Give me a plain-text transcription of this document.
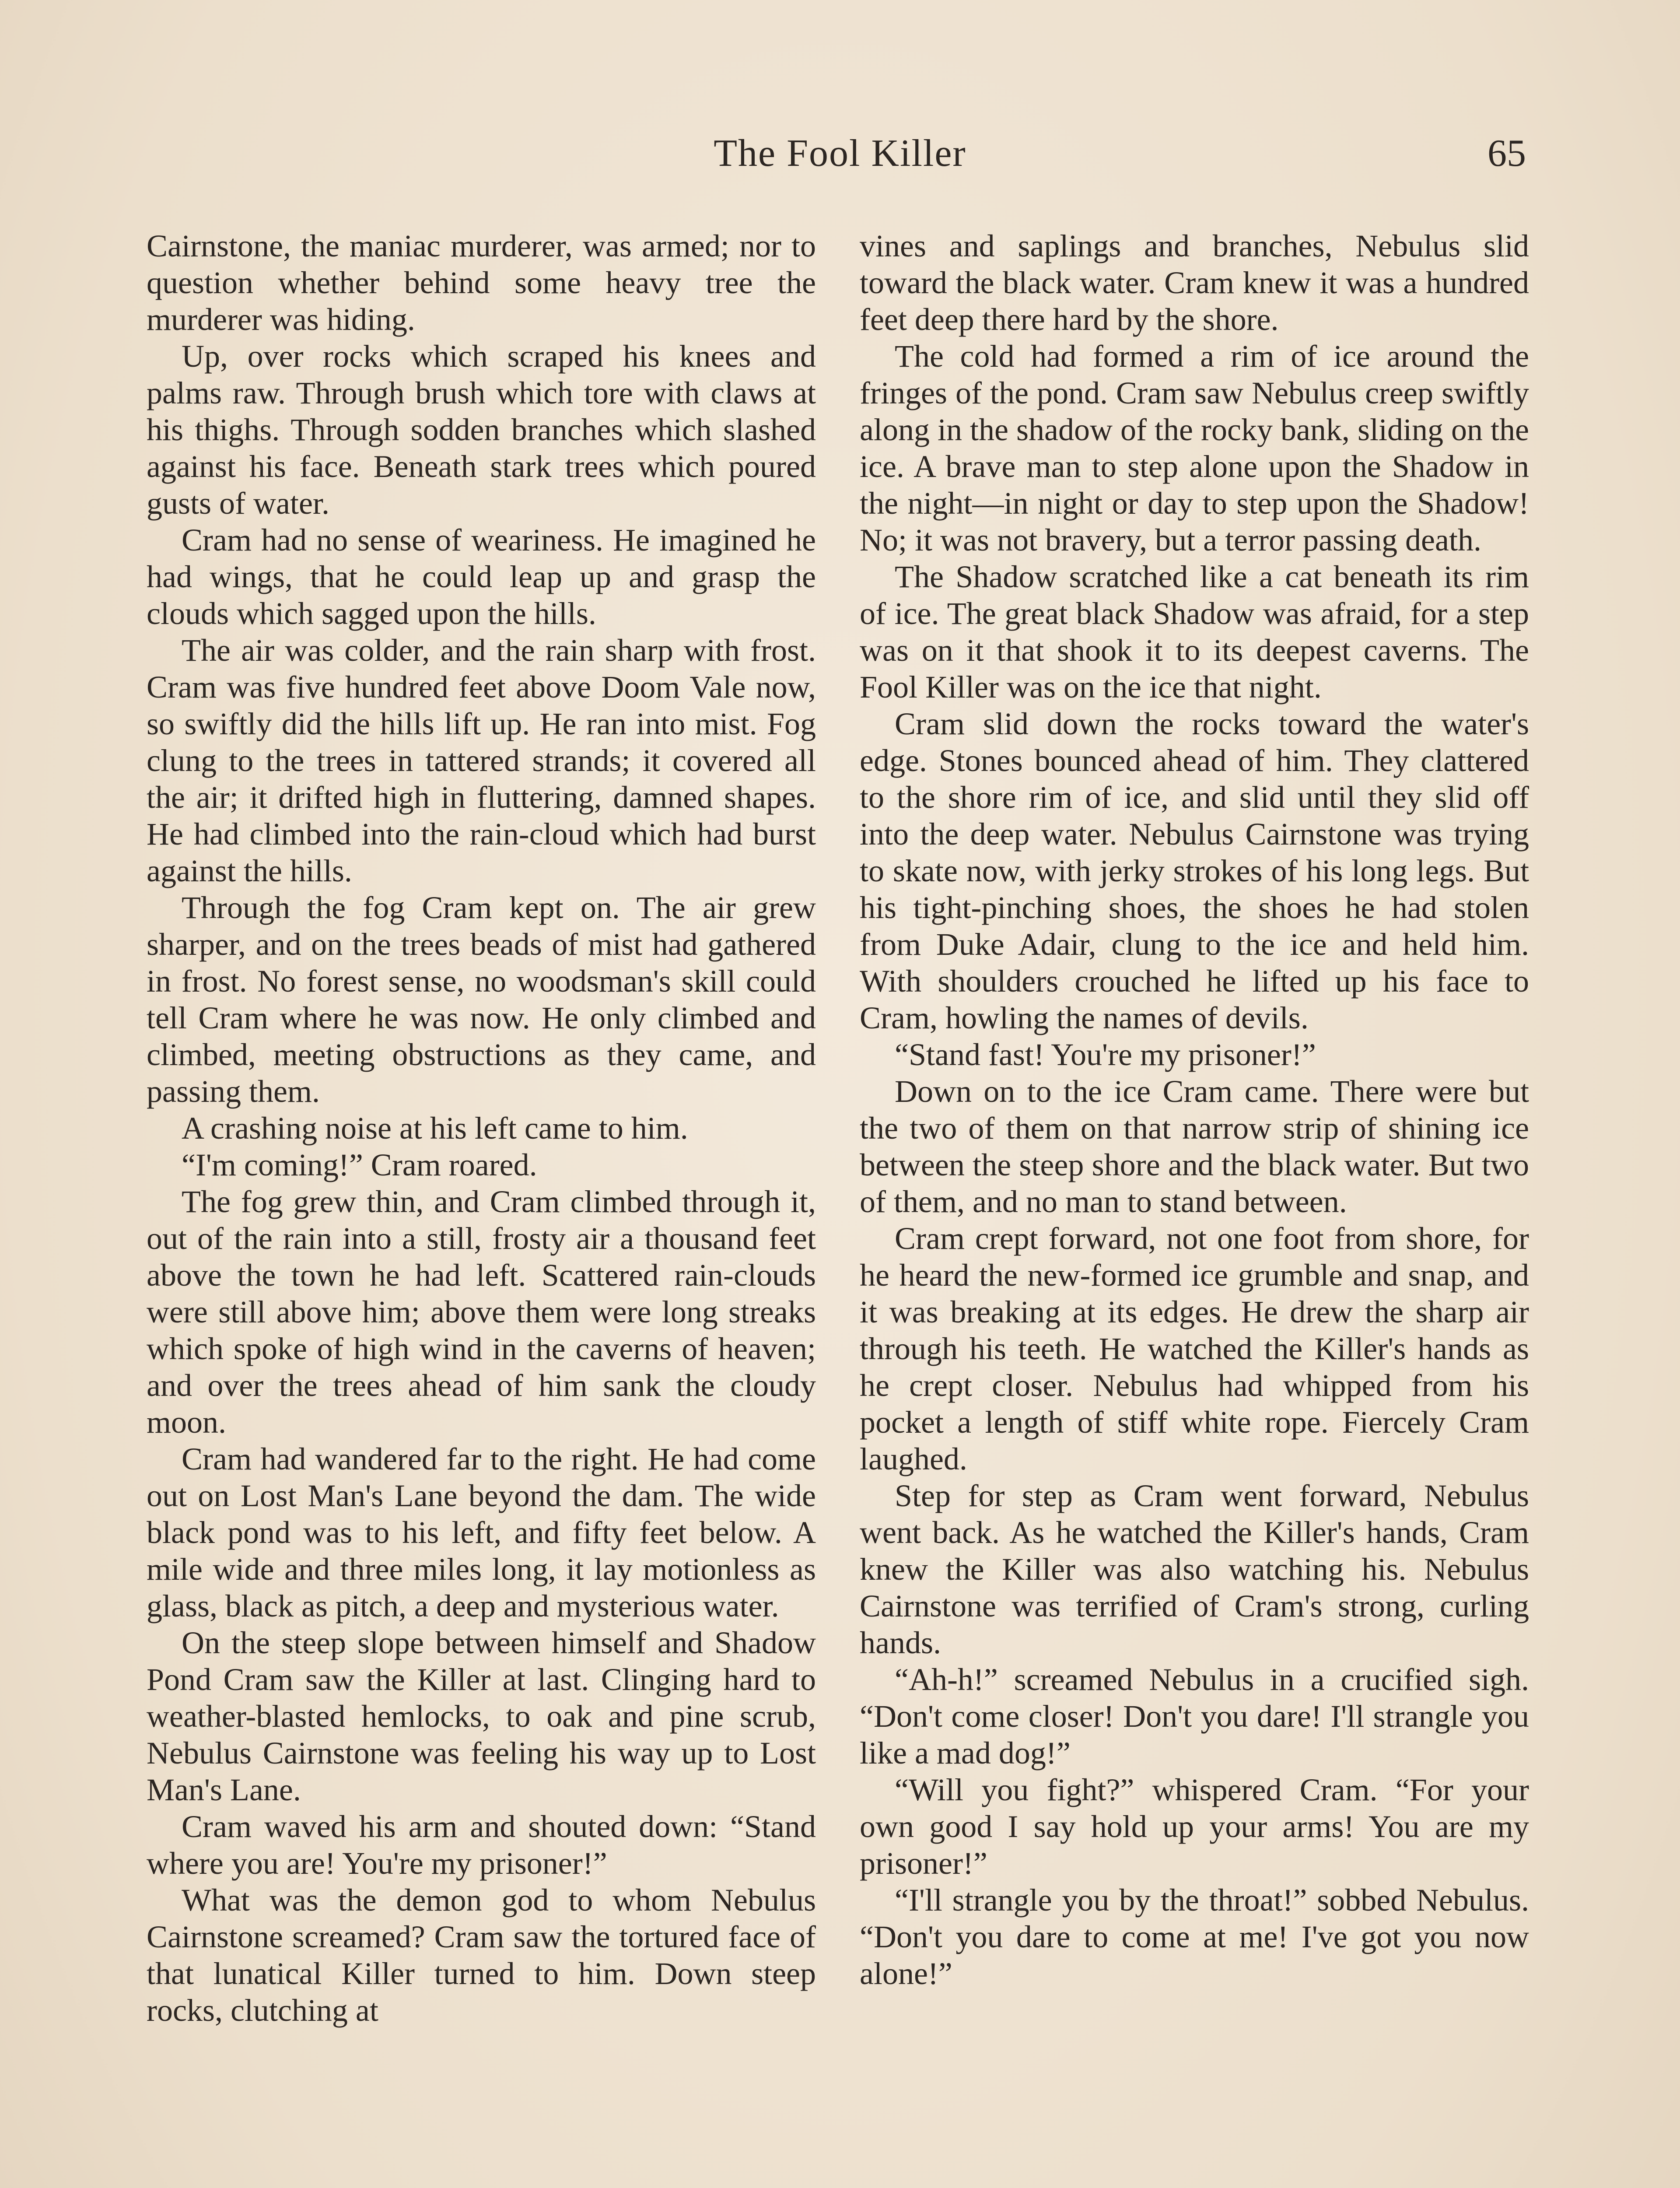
The Fool Killer	65

Cairnstone, the maniac murderer, was armed; nor to question whether behind some heavy tree the murderer was hiding.

Up, over rocks which scraped his knees and palms raw. Through brush which tore with claws at his thighs. Through sodden branches which slashed against his face. Beneath stark trees which poured gusts of water.

Cram had no sense of weariness. He imagined he had wings, that he could leap up and grasp the clouds which sagged upon the hills.

The air was colder, and the rain sharp with frost. Cram was five hundred feet above Doom Vale now, so swiftly did the hills lift up. He ran into mist. Fog clung to the trees in tattered strands; it covered all the air; it drifted high in fluttering, damned shapes. He had climbed into the rain-cloud which had burst against the hills.

Through the fog Cram kept on. The air grew sharper, and on the trees beads of mist had gathered in frost. No forest sense, no woodsman's skill could tell Cram where he was now. He only climbed and climbed, meeting obstructions as they came, and passing them.

A crashing noise at his left came to him.

“I'm coming!” Cram roared.

The fog grew thin, and Cram climbed through it, out of the rain into a still, frosty air a thousand feet above the town he had left. Scattered rain-clouds were still above him; above them were long streaks which spoke of high wind in the caverns of heaven; and over the trees ahead of him sank the cloudy moon.

Cram had wandered far to the right. He had come out on Lost Man's Lane beyond the dam. The wide black pond was to his left, and fifty feet below. A mile wide and three miles long, it lay motionless as glass, black as pitch, a deep and mysterious water.

On the steep slope between himself and Shadow Pond Cram saw the Killer at last. Clinging hard to weather-blasted hemlocks, to oak and pine scrub, Nebulus Cairnstone was feeling his way up to Lost Man's Lane.

Cram waved his arm and shouted down: “Stand where you are! You're my prisoner!”

What was the demon god to whom Nebulus Cairnstone screamed? Cram saw the tortured face of that lunatical Killer turned to him. Down steep rocks, clutching at

vines and saplings and branches, Nebulus slid toward the black water. Cram knew it was a hundred feet deep there hard by the shore.

The cold had formed a rim of ice around the fringes of the pond. Cram saw Nebulus creep swiftly along in the shadow of the rocky bank, sliding on the ice. A brave man to step alone upon the Shadow in the night—in night or day to step upon the Shadow! No; it was not bravery, but a terror passing death.

The Shadow scratched like a cat beneath its rim of ice. The great black Shadow was afraid, for a step was on it that shook it to its deepest caverns. The Fool Killer was on the ice that night.

Cram slid down the rocks toward the water's edge. Stones bounced ahead of him. They clattered to the shore rim of ice, and slid until they slid off into the deep water. Nebulus Cairnstone was trying to skate now, with jerky strokes of his long legs. But his tight-pinching shoes, the shoes he had stolen from Duke Adair, clung to the ice and held him. With shoulders crouched he lifted up his face to Cram, howling the names of devils.

“Stand fast! You're my prisoner!”

Down on to the ice Cram came. There were but the two of them on that narrow strip of shining ice between the steep shore and the black water. But two of them, and no man to stand between.

Cram crept forward, not one foot from shore, for he heard the new-formed ice grumble and snap, and it was breaking at its edges. He drew the sharp air through his teeth. He watched the Killer's hands as he crept closer. Nebulus had whipped from his pocket a length of stiff white rope. Fiercely Cram laughed.

Step for step as Cram went forward, Nebulus went back. As he watched the Killer's hands, Cram knew the Killer was also watching his. Nebulus Cairnstone was terrified of Cram's strong, curling hands.

“Ah-h!” screamed Nebulus in a crucified sigh. “Don't come closer! Don't you dare! I'll strangle you like a mad dog!”

“Will you fight?” whispered Cram. “For your own good I say hold up your arms! You are my prisoner!”

“I'll strangle you by the throat!” sobbed Nebulus. “Don't you dare to come at me! I've got you now alone!”
